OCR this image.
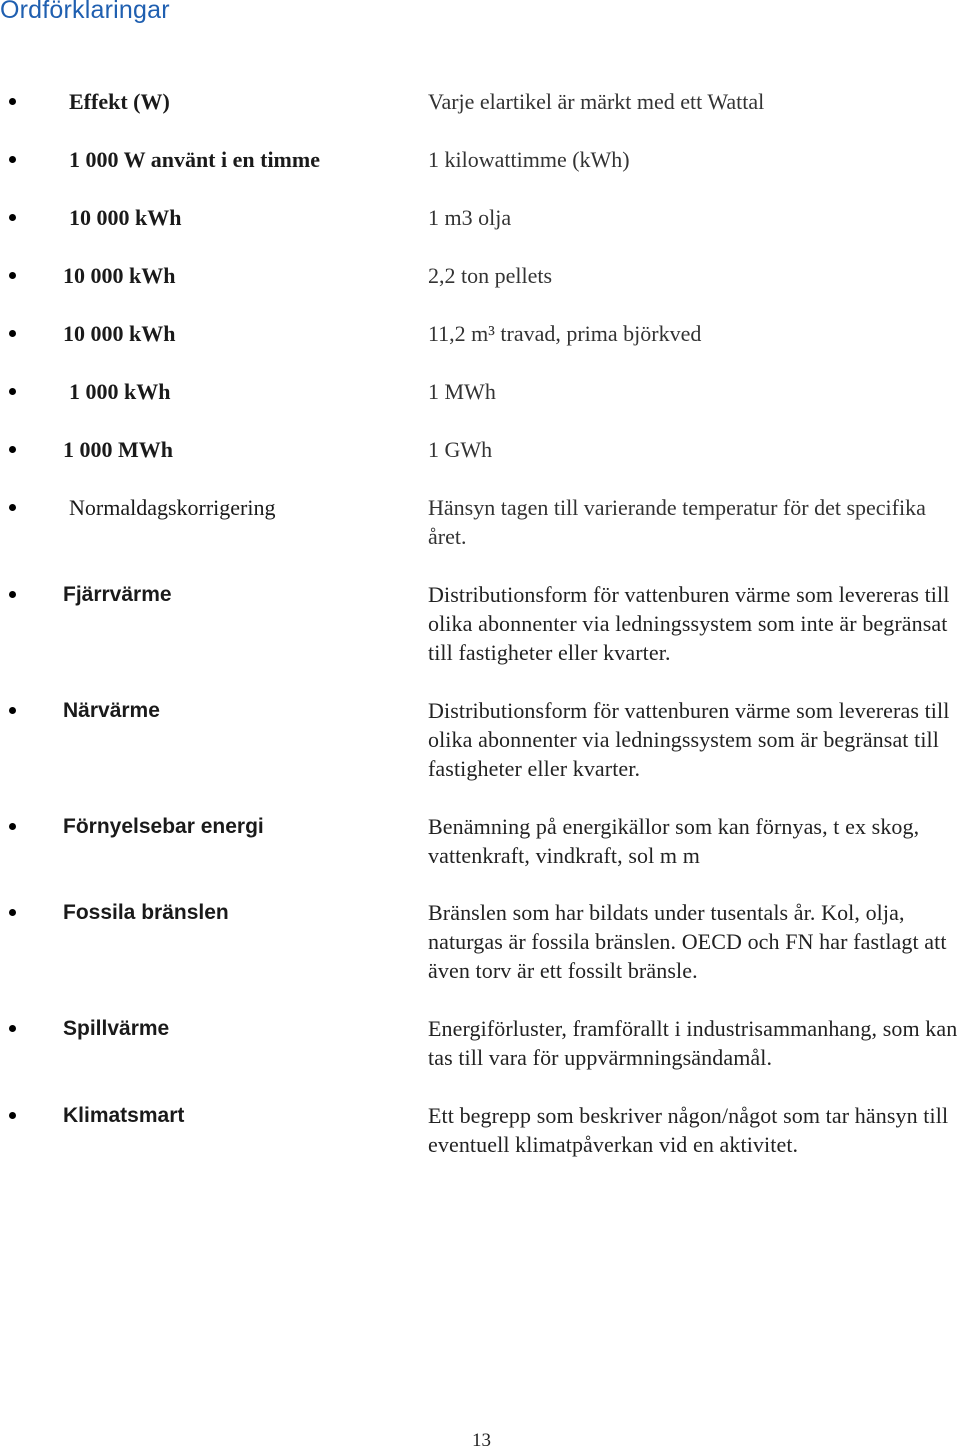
Ordförklaringar
Effekt (W)	Varje elartikel är märkt med ett Wattal
1 000 W använt i en timme	1 kilowattimme (kWh)
10 000 kWh	1 m3 olja
10 000 kWh	2,2 ton pellets
10 000 kWh	11,2 m³ travad, prima björkved
1 000 kWh	1 MWh
1 000 MWh	1 GWh
Normaldagskorrigering	Hänsyn tagen till varierande temperatur för det specifika året.
Fjärrvärme	Distributionsform för vattenburen värme som levereras till olika abonnenter via ledningssystem som inte är begränsat till fastigheter eller kvarter.
Närvärme	Distributionsform för vattenburen värme som levereras till olika abonnenter via ledningssystem som är begränsat till fastigheter eller kvarter.
Förnyelsebar energi	Benämning på energikällor som kan förnyas, t ex skog, vattenkraft, vindkraft, sol m m
Fossila bränslen	Bränslen som har bildats under tusentals år. Kol, olja, naturgas är fossila bränslen. OECD och FN har fastlagt att även torv är ett fossilt bränsle.
Spillvärme	Energiförluster, framförallt i industrisammanhang, som kan tas till vara för uppvärmningsändamål.
Klimatsmart	Ett begrepp som beskriver någon/något som tar hänsyn till eventuell klimatpåverkan vid en aktivitet.
13
